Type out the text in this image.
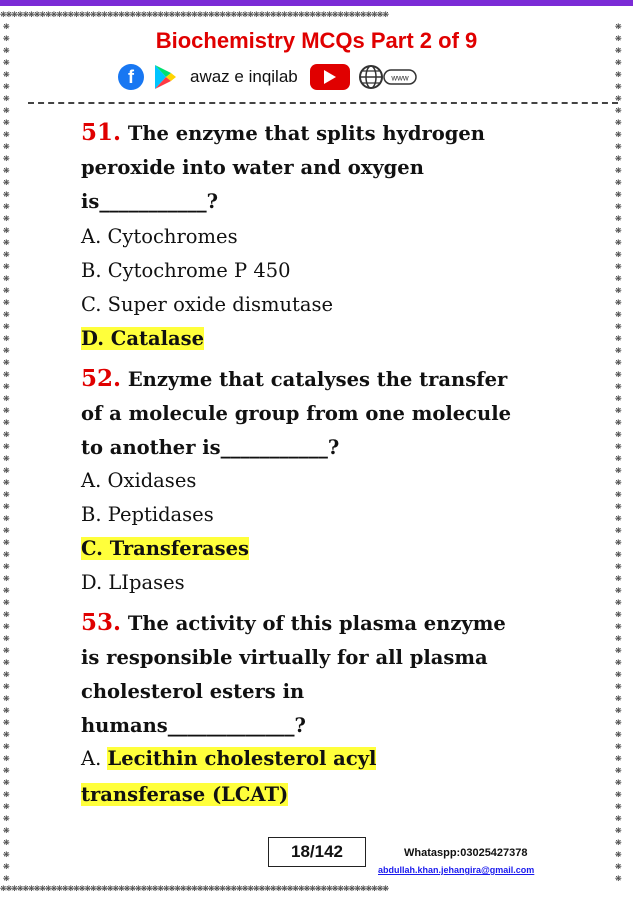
❋❋❋❋❋❋❋❋❋❋❋❋❋❋❋❋❋❋❋❋❋❋❋❋❋❋❋❋❋❋❋❋❋❋❋❋❋❋❋❋❋❋❋❋❋❋❋❋❋❋❋❋❋❋❋❋❋❋❋❋❋❋❋❋❋❋❋❋❋
❋❋❋❋❋❋❋❋❋❋❋❋❋❋❋❋❋❋❋❋❋❋❋❋❋❋❋❋❋❋❋❋❋❋❋❋❋❋❋❋❋❋❋❋❋❋❋❋❋❋❋❋❋❋❋❋❋❋❋❋❋❋❋❋❋❋❋❋❋
❋❋❋❋❋❋❋❋❋❋❋❋❋❋❋❋❋❋❋❋❋❋❋❋❋❋❋❋❋❋❋❋❋❋❋❋❋❋❋❋❋❋❋❋❋❋❋❋❋❋❋❋❋❋❋❋❋❋❋❋❋❋❋❋❋❋❋❋❋❋❋❋
❋❋❋❋❋❋❋❋❋❋❋❋❋❋❋❋❋❋❋❋❋❋❋❋❋❋❋❋❋❋❋❋❋❋❋❋❋❋❋❋❋❋❋❋❋❋❋❋❋❋❋❋❋❋❋❋❋❋❋❋❋❋❋❋❋❋❋❋❋❋❋❋
Biochemistry MCQs Part 2 of 9
f	awaz e inqilab	www
51. The enzyme that splits hydrogen
peroxide into water and oxygen
is___________?
A. Cytochromes
B. Cytochrome P 450
C. Super oxide dismutase
D. Catalase
52. Enzyme that catalyses the transfer
of a molecule group from one molecule
to another is___________?
A. Oxidases
B. Peptidases
C. Transferases
D. LIpases
53. The activity of this plasma enzyme
is responsible virtually for all plasma
cholesterol esters in
humans_____________?
A. Lecithin cholesterol acyl
transferase (LCAT)
18/142	Whataspp:03025427378
abdullah.khan.jehangira@gmail.com
